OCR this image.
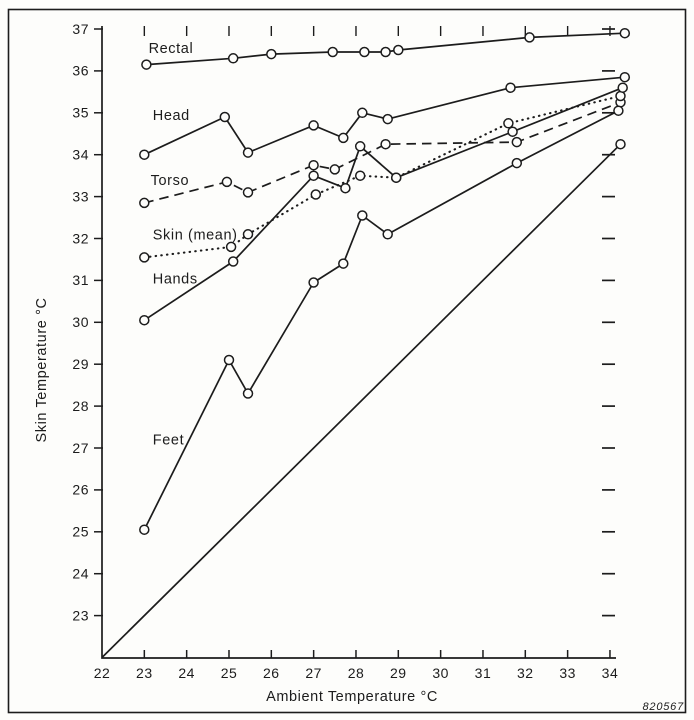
23
24
25
26
27
28
29
30
31
32
33
34
35
36
37
22 23 24 25 26 27 28 29 30 31 32 33 34
Skin Temperature °C
Ambient Temperature °C
Rectal
Head
Torso
Skin (mean)
Hands
Feet
820567
